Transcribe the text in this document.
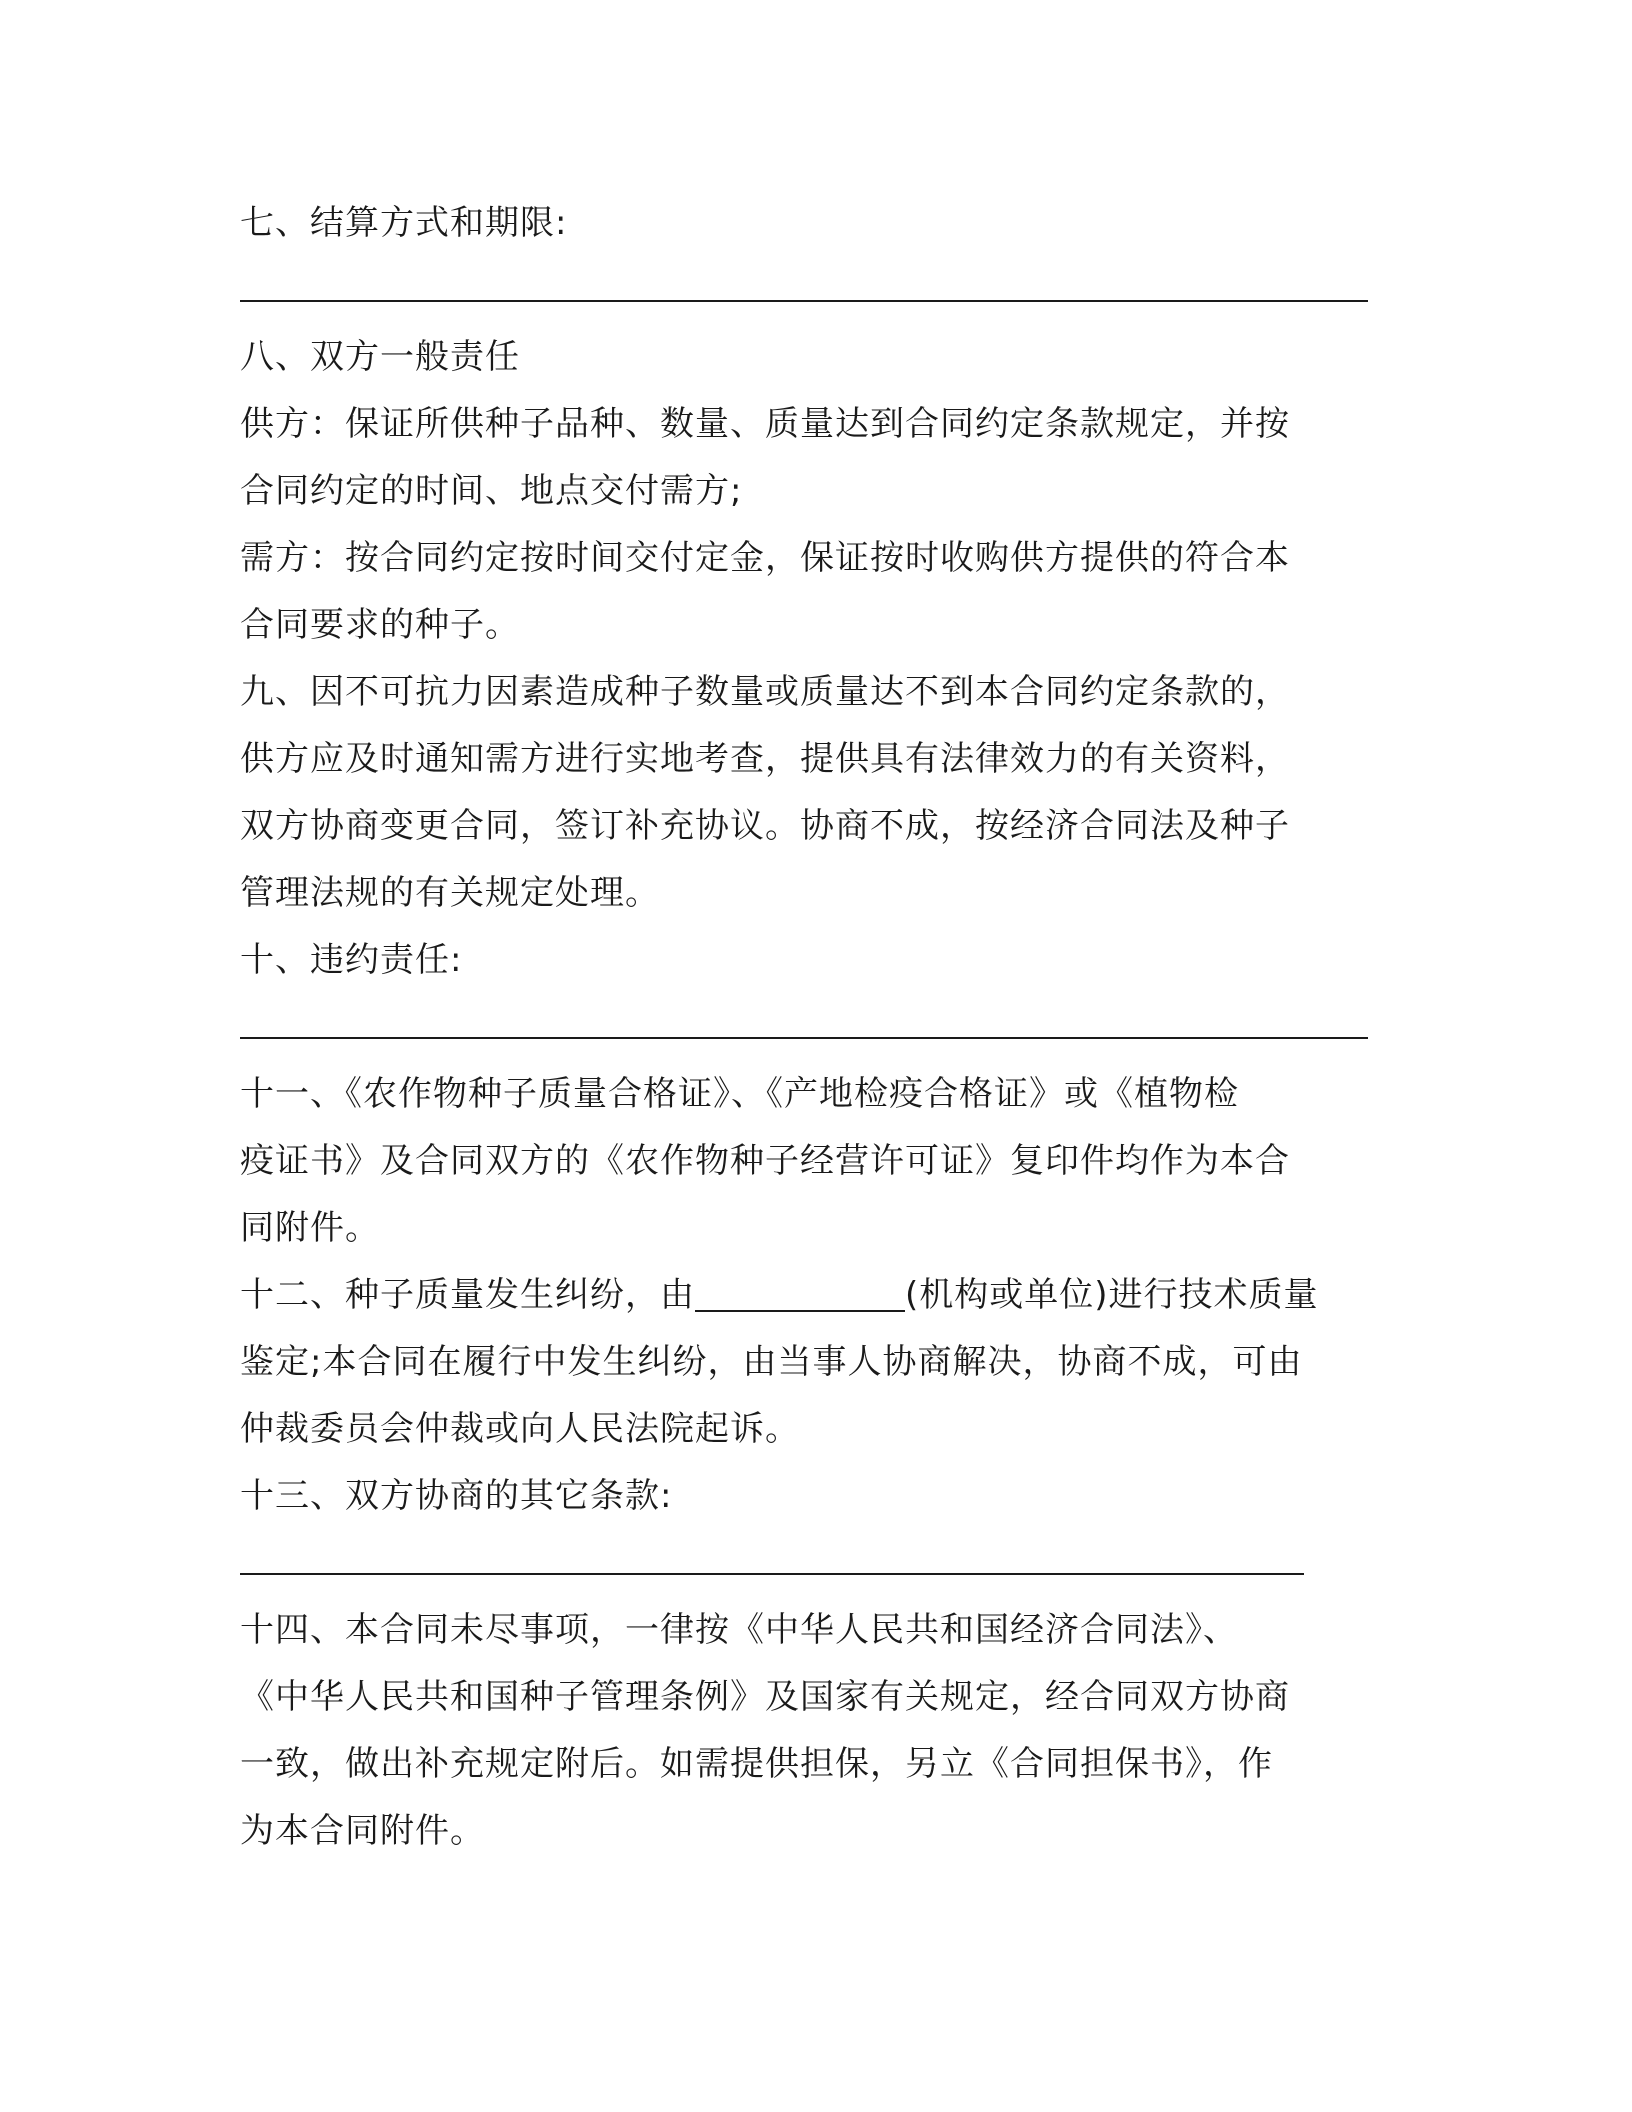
七、结算方式和期限:
八、双方一般责任
供方：保证所供种子品种、数量、质量达到合同约定条款规定，并按
合同约定的时间、地点交付需方;
需方：按合同约定按时间交付定金，保证按时收购供方提供的符合本
合同要求的种子。
九、因不可抗力因素造成种子数量或质量达不到本合同约定条款的，
供方应及时通知需方进行实地考查，提供具有法律效力的有关资料，
双方协商变更合同，签订补充协议。协商不成，按经济合同法及种子
管理法规的有关规定处理。
十、违约责任:
十一、《农作物种子质量合格证》、《产地检疫合格证》或《植物检
疫证书》及合同双方的《农作物种子经营许可证》复印件均作为本合
同附件。
十二、种子质量发生纠纷，由	(机构或单位)进行技术质量
鉴定;本合同在履行中发生纠纷，由当事人协商解决，协商不成，可由
仲裁委员会仲裁或向人民法院起诉。
十三、双方协商的其它条款:
十四、本合同未尽事项，一律按《中华人民共和国经济合同法》、
《中华人民共和国种子管理条例》及国家有关规定，经合同双方协商
一致，做出补充规定附后。如需提供担保，另立《合同担保书》，作
为本合同附件。
